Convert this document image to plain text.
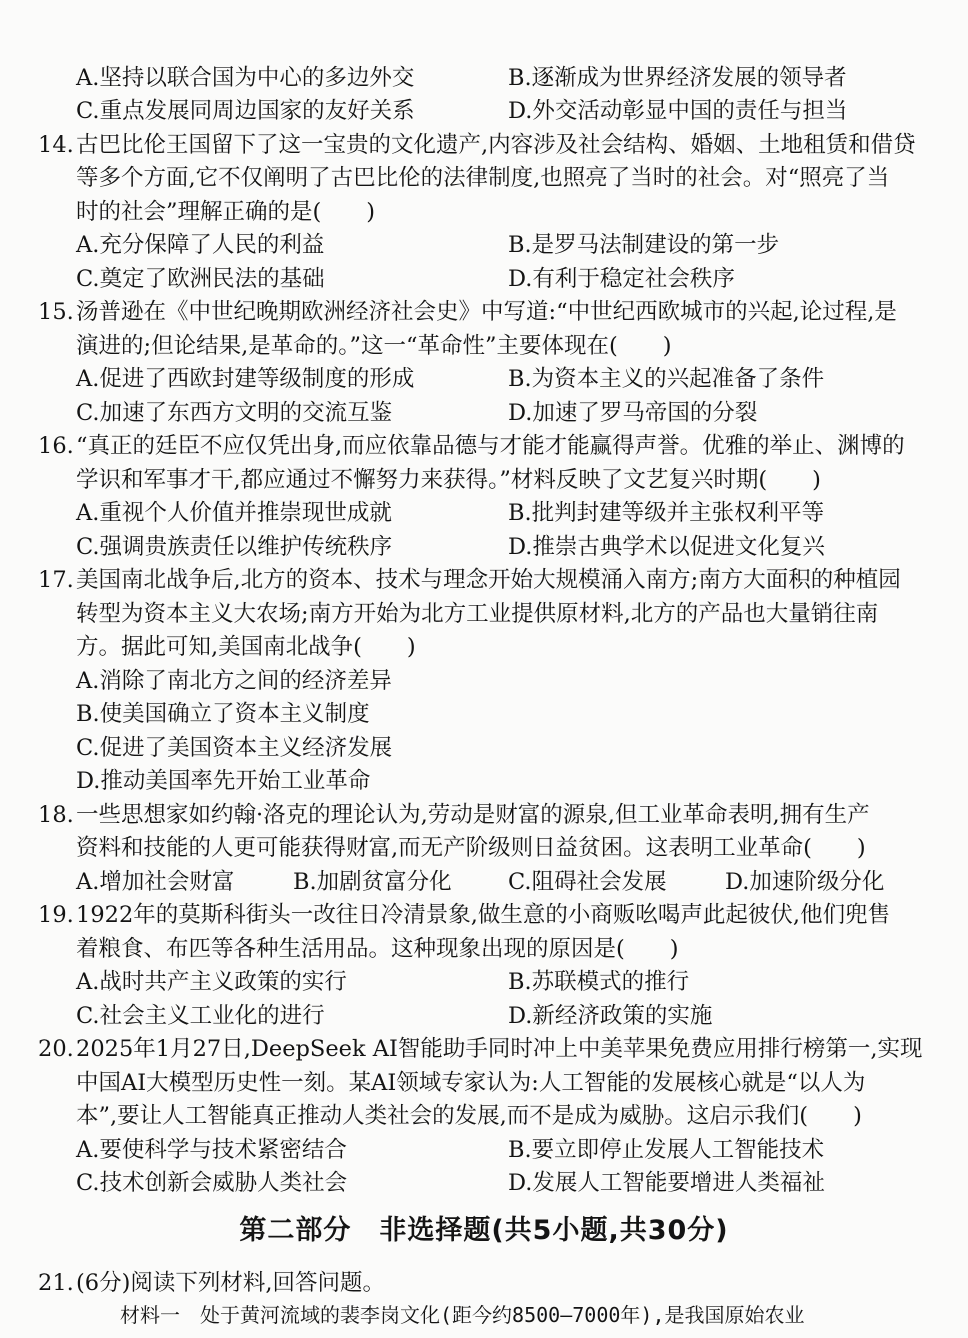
A.坚持以联合国为中心的多边外交	B.逐渐成为世界经济发展的领导者
C.重点发展同周边国家的友好关系	D.外交活动彰显中国的责任与担当
14. 古巴比伦王国留下了这一宝贵的文化遗产,内容涉及社会结构、婚姻、土地租赁和借贷
等多个方面,它不仅阐明了古巴比伦的法律制度,也照亮了当时的社会。对“照亮了当
时的社会”理解正确的是(　　)
A.充分保障了人民的利益	B.是罗马法制建设的第一步
C.奠定了欧洲民法的基础	D.有利于稳定社会秩序
15. 汤普逊在《中世纪晚期欧洲经济社会史》中写道:“中世纪西欧城市的兴起,论过程,是
演进的;但论结果,是革命的。”这一“革命性”主要体现在(　　)
A.促进了西欧封建等级制度的形成	B.为资本主义的兴起准备了条件
C.加速了东西方文明的交流互鉴	D.加速了罗马帝国的分裂
16. “真正的廷臣不应仅凭出身,而应依靠品德与才能才能赢得声誉。优雅的举止、渊博的
学识和军事才干,都应通过不懈努力来获得。”材料反映了文艺复兴时期(　　)
A.重视个人价值并推崇现世成就	B.批判封建等级并主张权利平等
C.强调贵族责任以维护传统秩序	D.推崇古典学术以促进文化复兴
17. 美国南北战争后,北方的资本、技术与理念开始大规模涌入南方;南方大面积的种植园
转型为资本主义大农场;南方开始为北方工业提供原材料,北方的产品也大量销往南
方。据此可知,美国南北战争(　　)
A.消除了南北方之间的经济差异
B.使美国确立了资本主义制度
C.促进了美国资本主义经济发展
D.推动美国率先开始工业革命
18. 一些思想家如约翰·洛克的理论认为,劳动是财富的源泉,但工业革命表明,拥有生产
资料和技能的人更可能获得财富,而无产阶级则日益贫困。这表明工业革命(　　)
A.增加社会财富	B.加剧贫富分化	C.阻碍社会发展	D.加速阶级分化
19. 1922年的莫斯科街头一改往日冷清景象,做生意的小商贩吆喝声此起彼伏,他们兜售
着粮食、布匹等各种生活用品。这种现象出现的原因是(　　)
A.战时共产主义政策的实行	B.苏联模式的推行
C.社会主义工业化的进行	D.新经济政策的实施
20. 2025年1月27日,DeepSeek AI智能助手同时冲上中美苹果免费应用排行榜第一,实现
中国AI大模型历史性一刻。某AI领域专家认为:人工智能的发展核心就是“以人为
本”,要让人工智能真正推动人类社会的发展,而不是成为威胁。这启示我们(　　)
A.要使科学与技术紧密结合	B.要立即停止发展人工智能技术
C.技术创新会威胁人类社会	D.发展人工智能要增进人类福祉
第二部分　非选择题(共5小题,共30分)
21. (6分)阅读下列材料,回答问题。
材料一　处于黄河流域的裴李岗文化(距今约8500—7000年),是我国原始农业
